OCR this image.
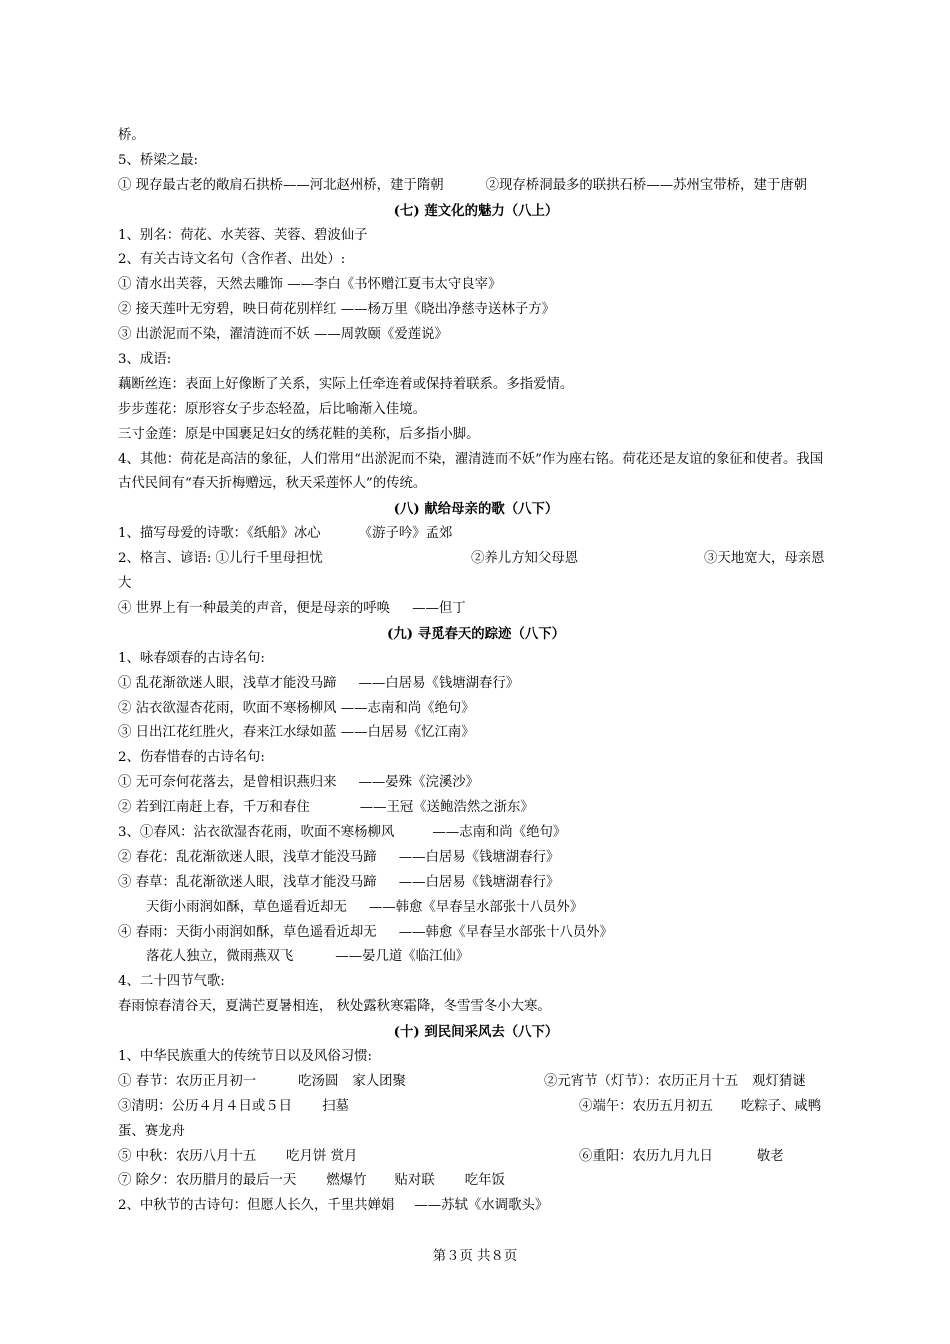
桥。
5、桥梁之最:
① 现存最古老的敞肩石拱桥——河北赵州桥，建于隋朝	②现存桥洞最多的联拱石桥——苏州宝带桥，建于唐朝
(七) 莲文化的魅力（八上）
1、别名：荷花、水芙蓉、芙蓉、碧波仙子
2、有关古诗文名句（含作者、出处）:
① 清水出芙蓉，天然去雕饰 ——李白《书怀赠江夏韦太守良宰》
② 接天莲叶无穷碧，映日荷花别样红 ——杨万里《晓出净慈寺送林子方》
③ 出淤泥而不染，濯清涟而不妖 ——周敦颐《爱莲说》
3、成语:
藕断丝连：表面上好像断了关系，实际上任牵连着或保持着联系。多指爱情。
步步莲花：原形容女子步态轻盈，后比喻渐入佳境。
三寸金莲：原是中国裹足妇女的绣花鞋的美称，后多指小脚。
4、其他：荷花是高洁的象征，人们常用“出淤泥而不染，濯清涟而不妖”作为座右铭。荷花还是友谊的象征和使者。我国古代民间有“春天折梅赠远，秋天采莲怀人”的传统。
(八) 献给母亲的歌（八下）
1、描写母爱的诗歌：《纸船》冰心	《游子吟》孟郊
2、格言、谚语: ①儿行千里母担忧	②养儿方知父母恩	③天地宽大，母亲恩
大
④ 世界上有一种最美的声音，便是母亲的呼唤 ——但丁
(九) 寻觅春天的踪迹（八下）
1、咏春颂春的古诗名句:
① 乱花渐欲迷人眼，浅草才能没马蹄 ——白居易《钱塘湖春行》
② 沾衣欲湿杏花雨，吹面不寒杨柳风 ——志南和尚《绝句》
③ 日出江花红胜火，春来江水绿如蓝 ——白居易《忆江南》
2、伤春惜春的古诗名句:
① 无可奈何花落去，是曾相识燕归来 ——晏殊《浣溪沙》
② 若到江南赶上春，千万和春住	——王冠《送鲍浩然之浙东》
3、①春风：沾衣欲湿杏花雨，吹面不寒杨柳风	——志南和尚《绝句》
② 春花：乱花渐欲迷人眼，浅草才能没马蹄 ——白居易《钱塘湖春行》
③ 春草：乱花渐欲迷人眼，浅草才能没马蹄 ——白居易《钱塘湖春行》
天街小雨润如酥，草色遥看近却无 ——韩愈《早春呈水部张十八员外》
④ 春雨：天街小雨润如酥，草色遥看近却无 ——韩愈《早春呈水部张十八员外》
落花人独立，微雨燕双飞	——晏几道《临江仙》
4、二十四节气歌:
春雨惊春清谷天，夏满芒夏暑相连， 秋处露秋寒霜降，冬雪雪冬小大寒。
(十) 到民间采风去（八下）
1、中华民族重大的传统节日以及风俗习惯:
① 春节：农历正月初一	吃汤圆 家人团聚	②元宵节（灯节）：农历正月十五 观灯猜谜
③清明：公历４月４日或５日 扫墓	④端午：农历五月初五 吃粽子、咸鸭
蛋、赛龙舟
⑤ 中秋：农历八月十五 吃月饼 赏月	⑥重阳：农历九月九日	敬老
⑦ 除夕：农历腊月的最后一天 燃爆竹 贴对联 吃年饭
2、中秋节的古诗句：但愿人长久，千里共婵娟 ——苏轼《水调歌头》
第３页 共８页
